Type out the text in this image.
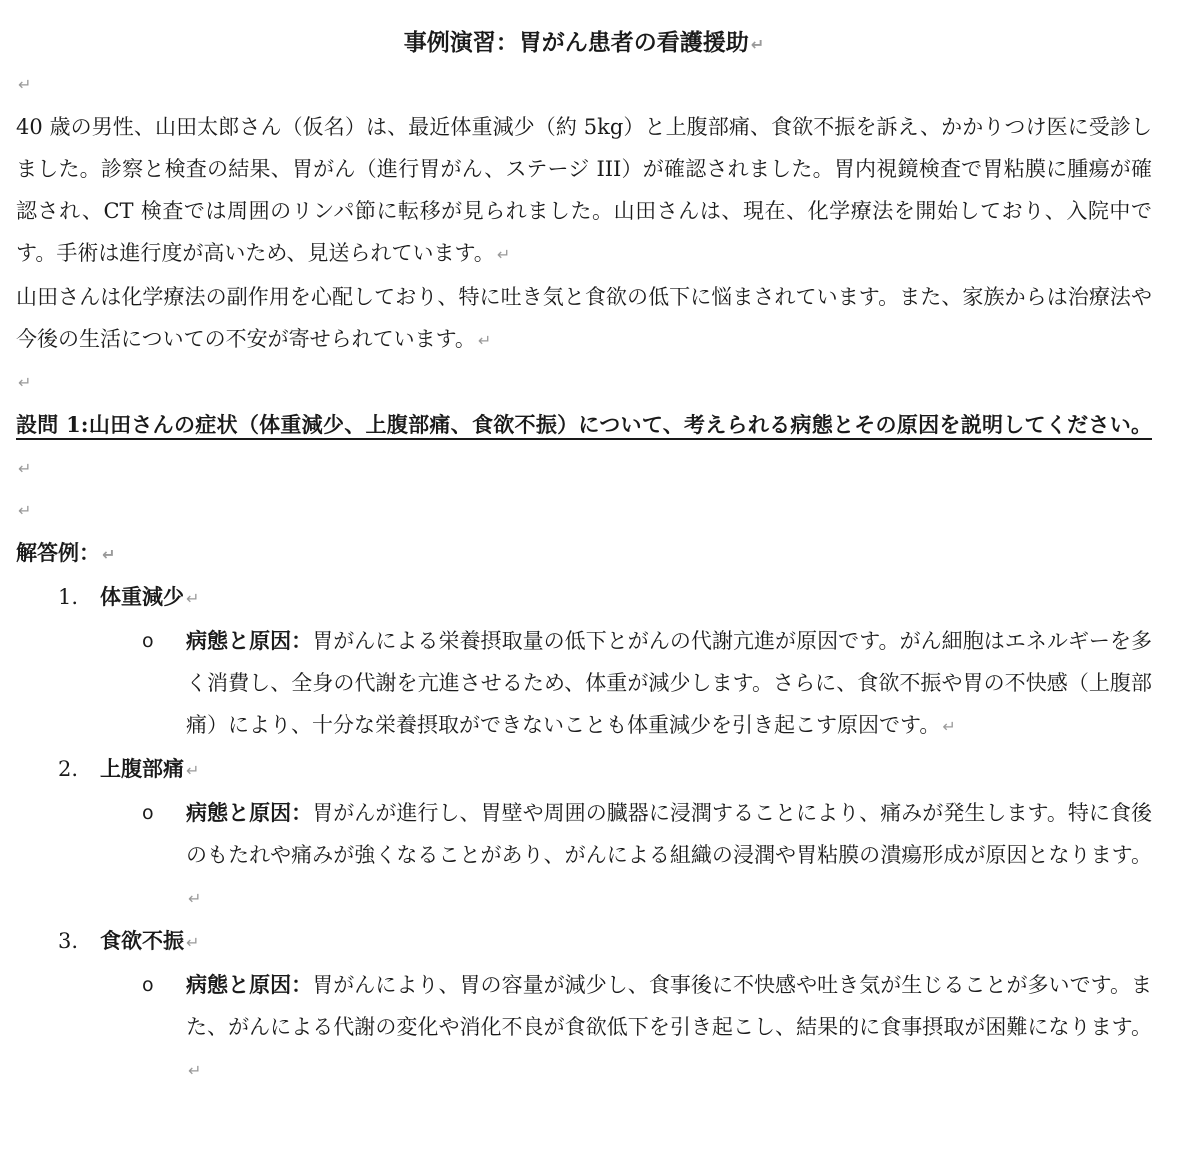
事例演習：胃がん患者の看護援助 ↵
↵

40 歳の男性、山田太郎さん（仮名）は、最近体重減少（約 5kg）と上腹部痛、食欲不振を訴え、かかりつけ医に受診しました。診察と検査の結果、胃がん（進行胃がん、ステージ III）が確認されました。胃内視鏡検査で胃粘膜に腫瘍が確認され、CT 検査では周囲のリンパ節に転移が見られました。山田さんは、現在、化学療法を開始しており、入院中です。手術は進行度が高いため、見送られています。 ↵

山田さんは化学療法の副作用を心配しており、特に吐き気と食欲の低下に悩まされています。また、家族からは治療法や今後の生活についての不安が寄せられています。 ↵

↵

設問 1:山田さんの症状（体重減少、上腹部痛、食欲不振）について、考えられる病態とその原因を説明してください。↵

↵

解答例： ↵

1. 体重減少 ↵

o 病態と原因：胃がんによる栄養摂取量の低下とがんの代謝亢進が原因です。がん細胞はエネルギーを多く消費し、全身の代謝を亢進させるため、体重が減少します。さらに、食欲不振や胃の不快感（上腹部痛）により、十分な栄養摂取ができないことも体重減少を引き起こす原因です。 ↵

2. 上腹部痛 ↵

o 病態と原因：胃がんが進行し、胃壁や周囲の臓器に浸潤することにより、痛みが発生します。特に食後のもたれや痛みが強くなることがあり、がんによる組織の浸潤や胃粘膜の潰瘍形成が原因となります。↵

3. 食欲不振 ↵

o 病態と原因：胃がんにより、胃の容量が減少し、食事後に不快感や吐き気が生じることが多いです。また、がんによる代謝の変化や消化不良が食欲低下を引き起こし、結果的に食事摂取が困難になります。↵
